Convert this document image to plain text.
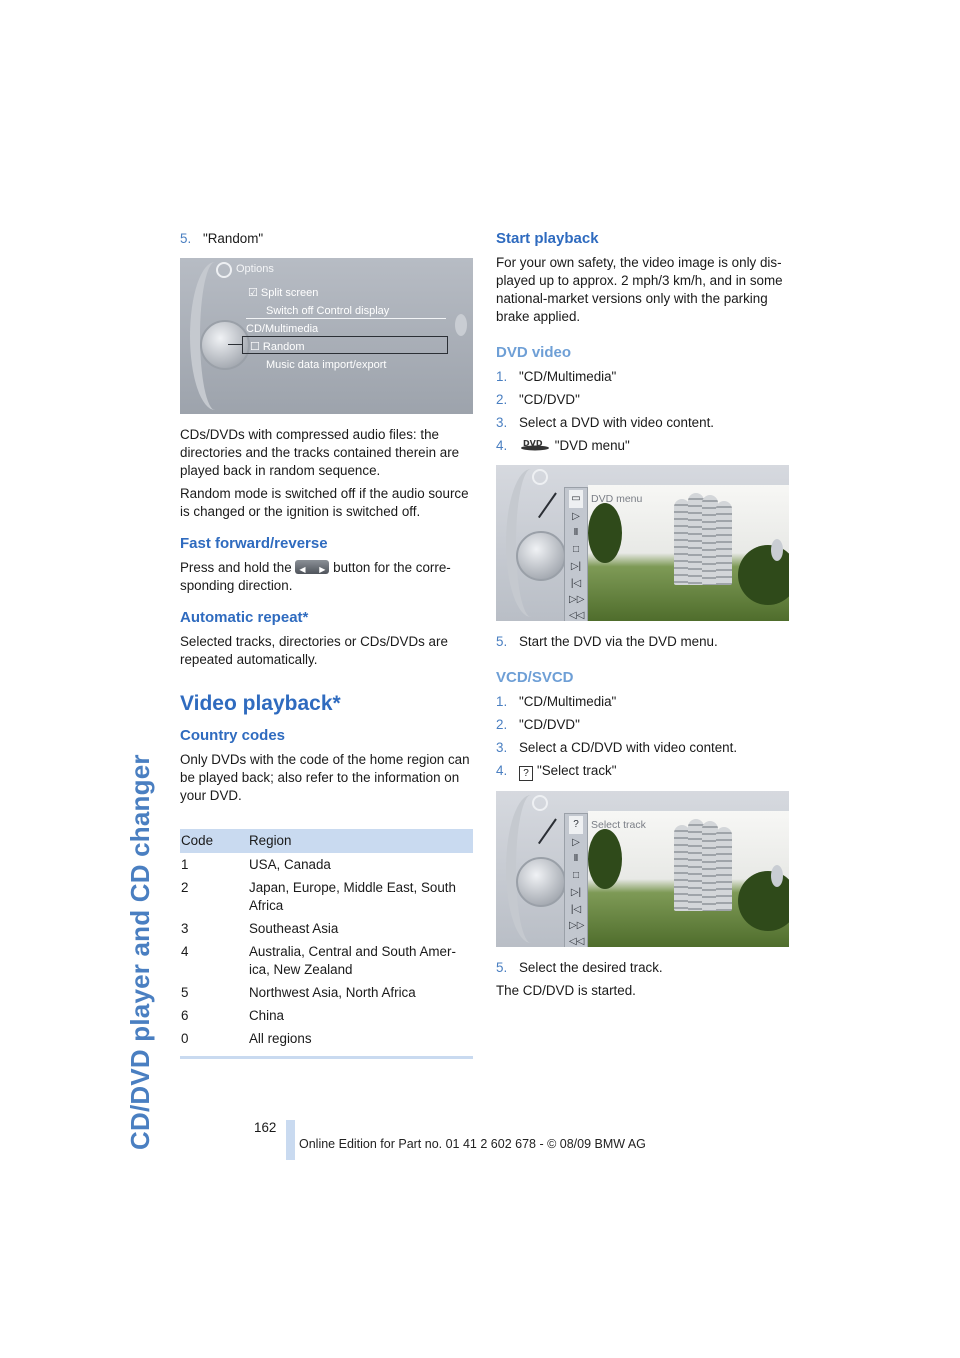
CD/DVD player and CD changer
5. "Random"
Options
☑ Split screen
Switch off Control display
CD/Multimedia
☐ Random
Music data import/export

CDs/DVDs with compressed audio files: the directories and the tracks contained therein are played back in random sequence.

Random mode is switched off if the audio source is changed or the ignition is switched off.

Fast forward/reverse

Press and hold the ◀ ▶ button for the corre-sponding direction.

Automatic repeat*

Selected tracks, directories or CDs/DVDs are repeated automatically.

Video playback*
Country codes

Only DVDs with the code of the home region can be played back; also refer to the information on your DVD.

Code	Region
1	USA, Canada
2	Japan, Europe, Middle East, South Africa
3	Southeast Asia
4	Australia, Central and South Amer-ica, New Zealand
5	Northwest Asia, North Africa
6	China
0	All regions
Start playback

For your own safety, the video image is only dis-played up to approx. 2 mph/3 km/h, and in some national-market versions only with the parking brake applied.

DVD video
1. "CD/Multimedia"
2. "CD/DVD"
3. Select a DVD with video content.
4. DVD "DVD menu"
▭
▷
Ⅱ
□
▷|
|◁
▷▷
◁◁
DVD menu
5. Start the DVD via the DVD menu.
VCD/SVCD
1. "CD/Multimedia"
2. "CD/DVD"
3. Select a CD/DVD with video content.
4. ? "Select track"
?
▷
Ⅱ
□
▷|
|◁
▷▷
◁◁
Select track
5. Select the desired track.

The CD/DVD is started.

162
Online Edition for Part no. 01 41 2 602 678 - © 08/09 BMW AG
